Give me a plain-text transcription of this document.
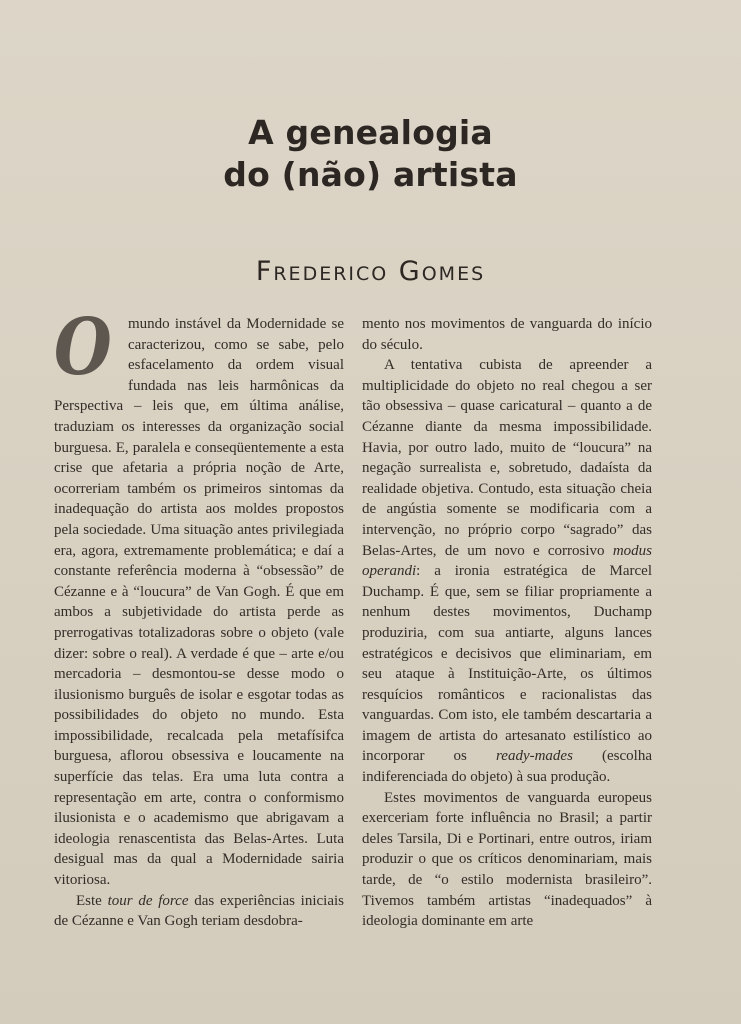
A genealogia
do (não) artista
Frederico Gomes

O mundo instável da Modernidade se caracterizou, como se sabe, pelo esfacelamento da ordem visual fundada nas leis harmônicas da Perspectiva – leis que, em última análise, traduziam os interesses da organização social burguesa. E, paralela e conseqüentemente a esta crise que afetaria a própria noção de Arte, ocorreriam também os primeiros sintomas da inadequação do artista aos moldes propostos pela sociedade. Uma situação antes privilegiada era, agora, extremamente problemática; e daí a constante referência moderna à “obsessão” de Cézanne e à “loucura” de Van Gogh. É que em ambos a subjetividade do artista perde as prerrogativas totalizadoras sobre o objeto (vale dizer: sobre o real). A verdade é que – arte e/ou mercadoria – desmontou-se desse modo o ilusionismo burguês de isolar e esgotar todas as possibilidades do objeto no mundo. Esta impossibilidade, recalcada pela metafísifca burguesa, aflorou obsessiva e loucamente na superfície das telas. Era uma luta contra a representação em arte, contra o conformismo ilusionista e o academismo que abrigavam a ideologia renascentista das Belas-Artes. Luta desigual mas da qual a Modernidade sairia vitoriosa.

Este tour de force das experiências iniciais de Cézanne e Van Gogh teriam desdobra-

mento nos movimentos de vanguarda do início do século.

A tentativa cubista de apreender a multiplicidade do objeto no real chegou a ser tão obsessiva – quase caricatural – quanto a de Cézanne diante da mesma impossibilidade. Havia, por outro lado, muito de “loucura” na negação surrealista e, sobretudo, dadaísta da realidade objetiva. Contudo, esta situação cheia de angústia somente se modificaria com a intervenção, no próprio corpo “sagrado” das Belas-Artes, de um novo e corrosivo modus operandi: a ironia estratégica de Marcel Duchamp. É que, sem se filiar propriamente a nenhum destes movimentos, Duchamp produziria, com sua antiarte, alguns lances estratégicos e decisivos que eliminariam, em seu ataque à Instituição-Arte, os últimos resquícios românticos e racionalistas das vanguardas. Com isto, ele também descartaria a imagem de artista do artesanato estilístico ao incorporar os ready-mades (escolha indiferenciada do objeto) à sua produção.

Estes movimentos de vanguarda europeus exerceriam forte influência no Brasil; a partir deles Tarsila, Di e Portinari, entre outros, iriam produzir o que os críticos denominariam, mais tarde, de “o estilo modernista brasileiro”. Tivemos também artistas “inadequados” à ideologia dominante em arte
